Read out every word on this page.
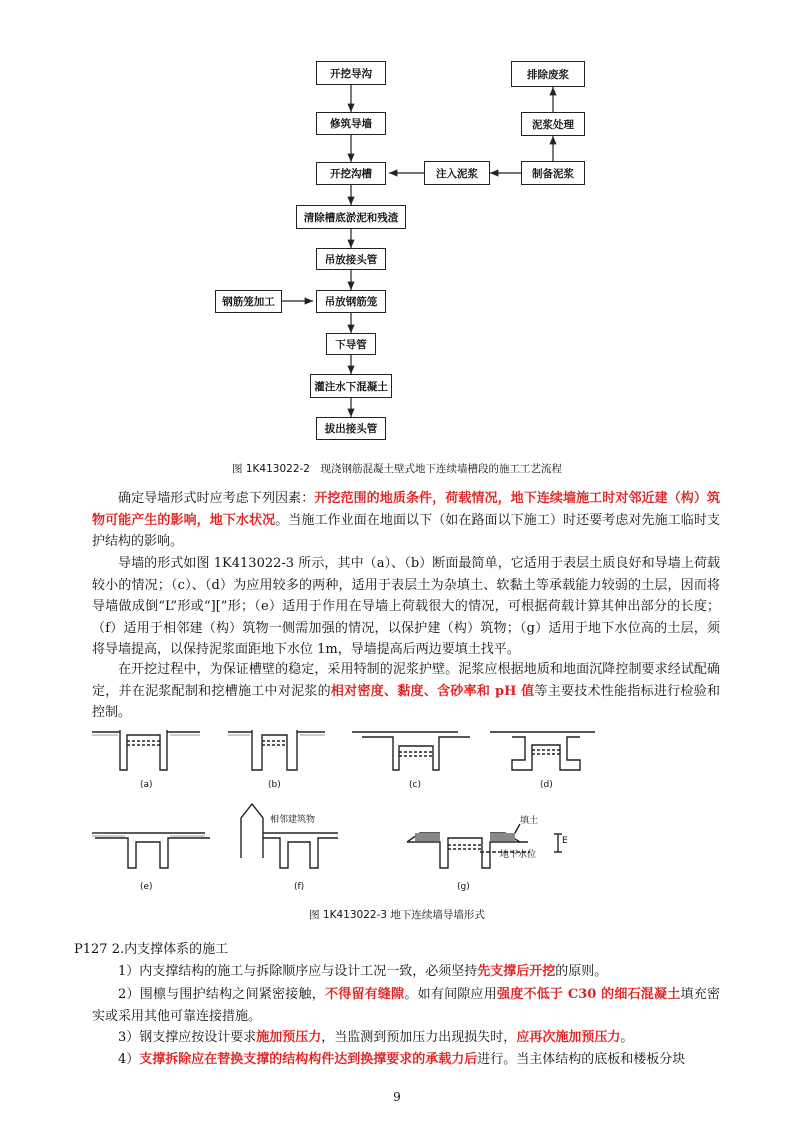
开挖导沟
修筑导墙
开挖沟槽
清除槽底淤泥和残渣
吊放接头管
吊放钢筋笼
下导管
灌注水下混凝土
拔出接头管
钢筋笼加工
注入泥浆	制备泥浆
泥浆处理
排除废浆
图 1K413022-2　现浇钢筋混凝土壁式地下连续墙槽段的施工工艺流程
确定导墙形式时应考虑下列因素：开挖范围的地质条件，荷载情况，地下连续墙施工时对邻近建（构）筑物可能产生的影响，地下水状况。当施工作业面在地面以下（如在路面以下施工）时还要考虑对先施工临时支护结构的影响。
导墙的形式如图 1K413022-3 所示，其中（a）、（b）断面最简单，它适用于表层土质良好和导墙上荷载较小的情况；（c）、（d）为应用较多的两种，适用于表层土为杂填土、软黏土等承载能力较弱的土层，因而将导墙做成倒“L”形或“][”形；（e）适用于作用在导墙上荷载很大的情况，可根据荷载计算其伸出部分的长度；（f）适用于相邻建（构）筑物一侧需加强的情况，以保护建（构）筑物；（g）适用于地下水位高的土层，须将导墙提高，以保持泥浆面距地下水位 1m，导墙提高后两边要填土找平。
在开挖过程中，为保证槽壁的稳定，采用特制的泥浆护壁。泥浆应根据地质和地面沉降控制要求经试配确定，并在泥浆配制和挖槽施工中对泥浆的相对密度、黏度、含砂率和 pH 值等主要技术性能指标进行检验和控制。
(a)	(b)	(c)	(d)
(e)	(f)	(g)
相邻建筑物	填土
地下水位
E
图 1K413022-3 地下连续墙导墙形式
P127 2.内支撑体系的施工
1）内支撑结构的施工与拆除顺序应与设计工况一致，必须坚持先支撑后开挖的原则。
2）围檩与围护结构之间紧密接触，不得留有缝隙。如有间隙应用强度不低于 C30 的细石混凝土填充密实或采用其他可靠连接措施。
3）钢支撑应按设计要求施加预压力，当监测到预加压力出现损失时，应再次施加预压力。
4）支撑拆除应在替换支撑的结构构件达到换撑要求的承载力后进行。当主体结构的底板和楼板分块
9
